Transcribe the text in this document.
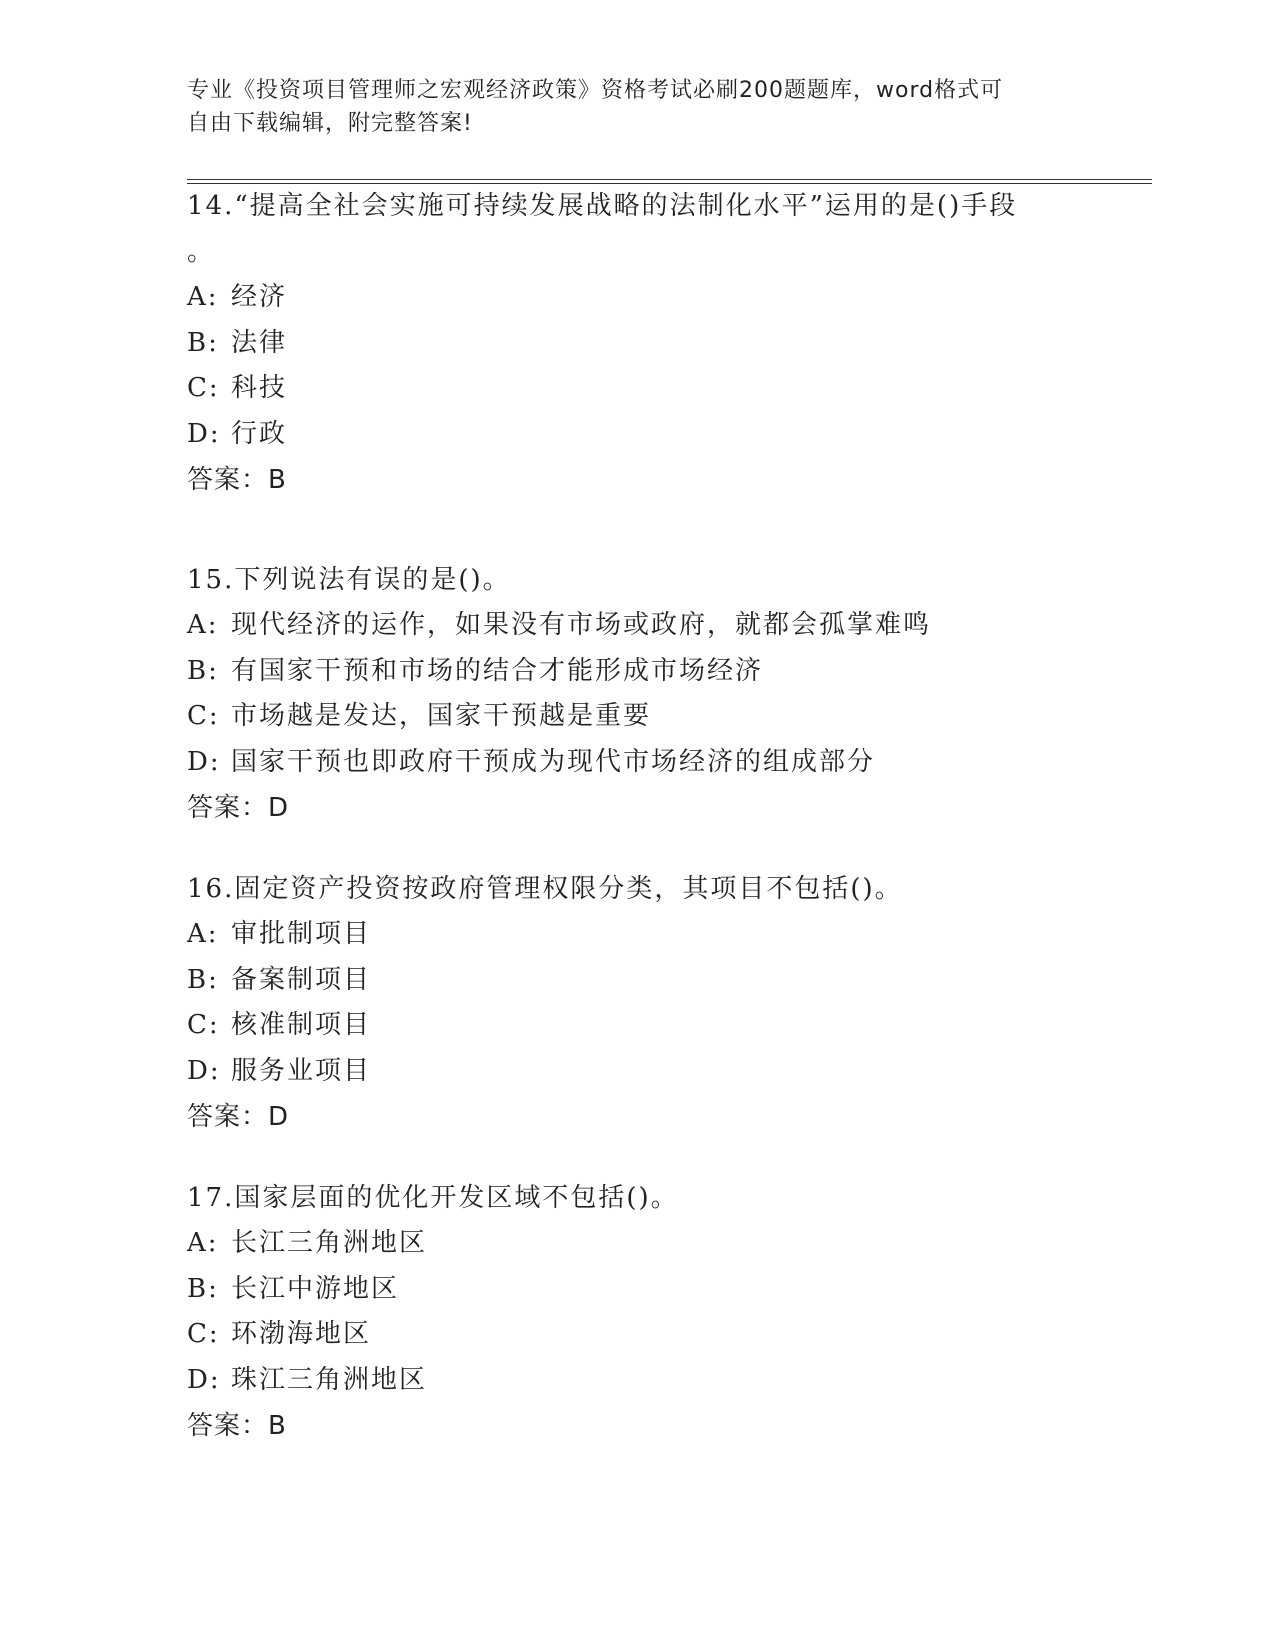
专业《投资项目管理师之宏观经济政策》资格考试必刷200题题库，word格式可
自由下载编辑，附完整答案!
14.“提高全社会实施可持续发展战略的法制化水平”运用的是()手段
。
A: 经济
B: 法律
C: 科技
D: 行政
答案：B
15.下列说法有误的是()。
A: 现代经济的运作，如果没有市场或政府，就都会孤掌难鸣
B: 有国家干预和市场的结合才能形成市场经济
C: 市场越是发达，国家干预越是重要
D: 国家干预也即政府干预成为现代市场经济的组成部分
答案：D
16.固定资产投资按政府管理权限分类，其项目不包括()。
A: 审批制项目
B: 备案制项目
C: 核准制项目
D: 服务业项目
答案：D
17.国家层面的优化开发区域不包括()。
A: 长江三角洲地区
B: 长江中游地区
C: 环渤海地区
D: 珠江三角洲地区
答案：B
